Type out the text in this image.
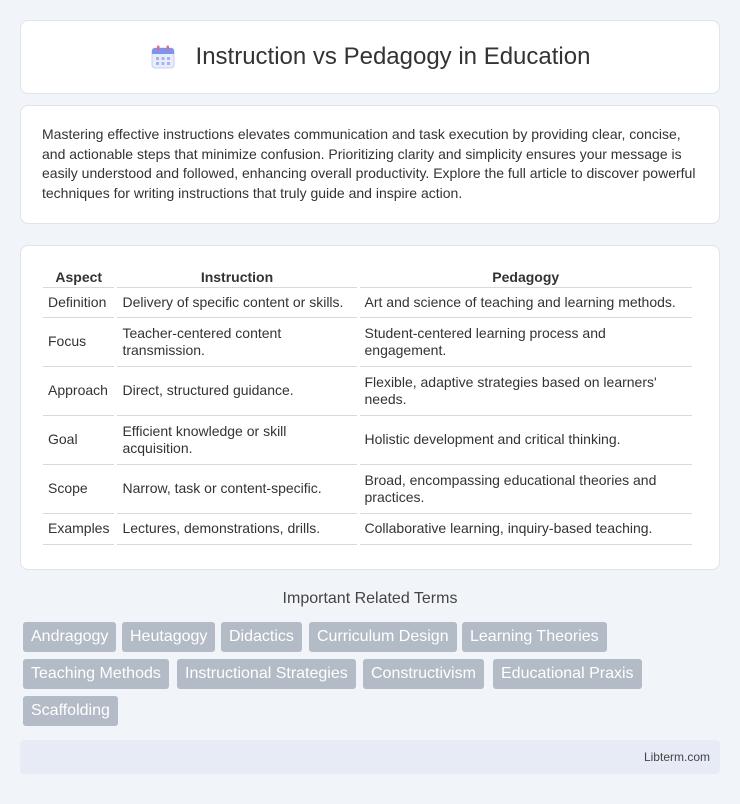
Instruction vs Pedagogy in Education

Mastering effective instructions elevates communication and task execution by providing clear, concise, and actionable steps that minimize confusion. Prioritizing clarity and simplicity ensures your message is easily understood and followed, enhancing overall productivity. Explore the full article to discover powerful techniques for writing instructions that truly guide and inspire action.

Aspect	Instruction	Pedagogy
Definition	Delivery of specific content or skills.	Art and science of teaching and learning methods.
Focus	Teacher-centered content transmission.	Student-centered learning process and engagement.
Approach	Direct, structured guidance.	Flexible, adaptive strategies based on learners' needs.
Goal	Efficient knowledge or skill acquisition.	Holistic development and critical thinking.
Scope	Narrow, task or content-specific.	Broad, encompassing educational theories and practices.
Examples	Lectures, demonstrations, drills.	Collaborative learning, inquiry-based teaching.
Important Related Terms
Andragogy	Heutagogy	Didactics	Curriculum Design	Learning Theories
Teaching Methods	Instructional Strategies	Constructivism	Educational Praxis
Scaffolding
Libterm.com
